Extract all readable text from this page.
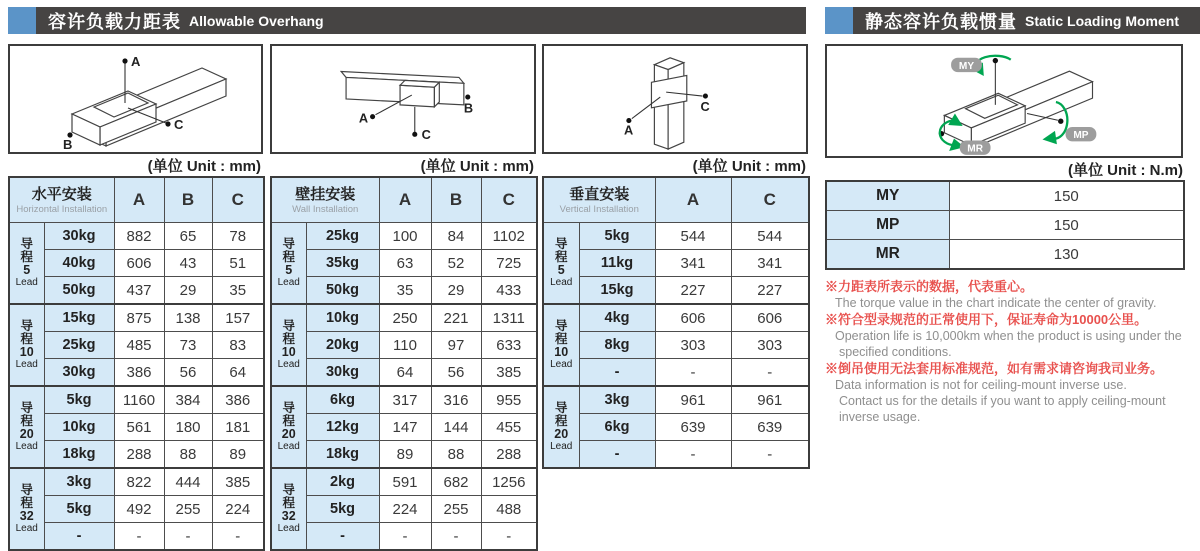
容许负载力距表 Allowable Overhang	静态容许负载惯量 Static Loading Moment
A
C
B
(单位 Unit : mm)
水平安装
Horizontal Installation		A	B	C

导
程
5
Lead	30kg	882	65	78
	40kg	606	43	51
	50kg	437	29	35

导
程
10
Lead	15kg	875	138	157
	25kg	485	73	83
	30kg	386	56	64

导
程
20
Lead	5kg	1160	384	386
	10kg	561	180	181
	18kg	288	88	89

导
程
32
Lead	3kg	822	444	385
	5kg	492	255	224
	-	-	-	-
A
C
B
(单位 Unit : mm)
壁挂安装
Wall Installation		A	B	C

导
程
5
Lead	25kg	100	84	1102
	35kg	63	52	725
	50kg	35	29	433

导
程
10
Lead	10kg	250	221	1311
	20kg	110	97	633
	30kg	64	56	385

导
程
20
Lead	6kg	317	316	955
	12kg	147	144	455
	18kg	89	88	288

导
程
32
Lead	2kg	591	682	1256
	5kg	224	255	488
	-	-	-	-
A
C
(单位 Unit : mm)
垂直安装
Vertical Installation		A	C

导
程
5
Lead	5kg	544	544
	11kg	341	341
	15kg	227	227

导
程
10
Lead	4kg	606	606
	8kg	303	303
	-	-	-

导
程
20
Lead	3kg	961	961
	6kg	639	639
	-	-	-
MY
MP
MR
(单位 Unit : N.m)
MY	150
MP	150
MR	130
※力距表所表示的数据，代表重心。
The torque value in the chart indicate the center of gravity.
※符合型录规范的正常使用下，保证寿命为10000公里。
Operation life is 10,000km when the product is using under the
specified conditions.
※倒吊使用无法套用标准规范，如有需求请咨询我司业务。
Data information is not for ceiling-mount inverse use.
Contact us for the details if you want to apply ceiling-mount
inverse usage.
